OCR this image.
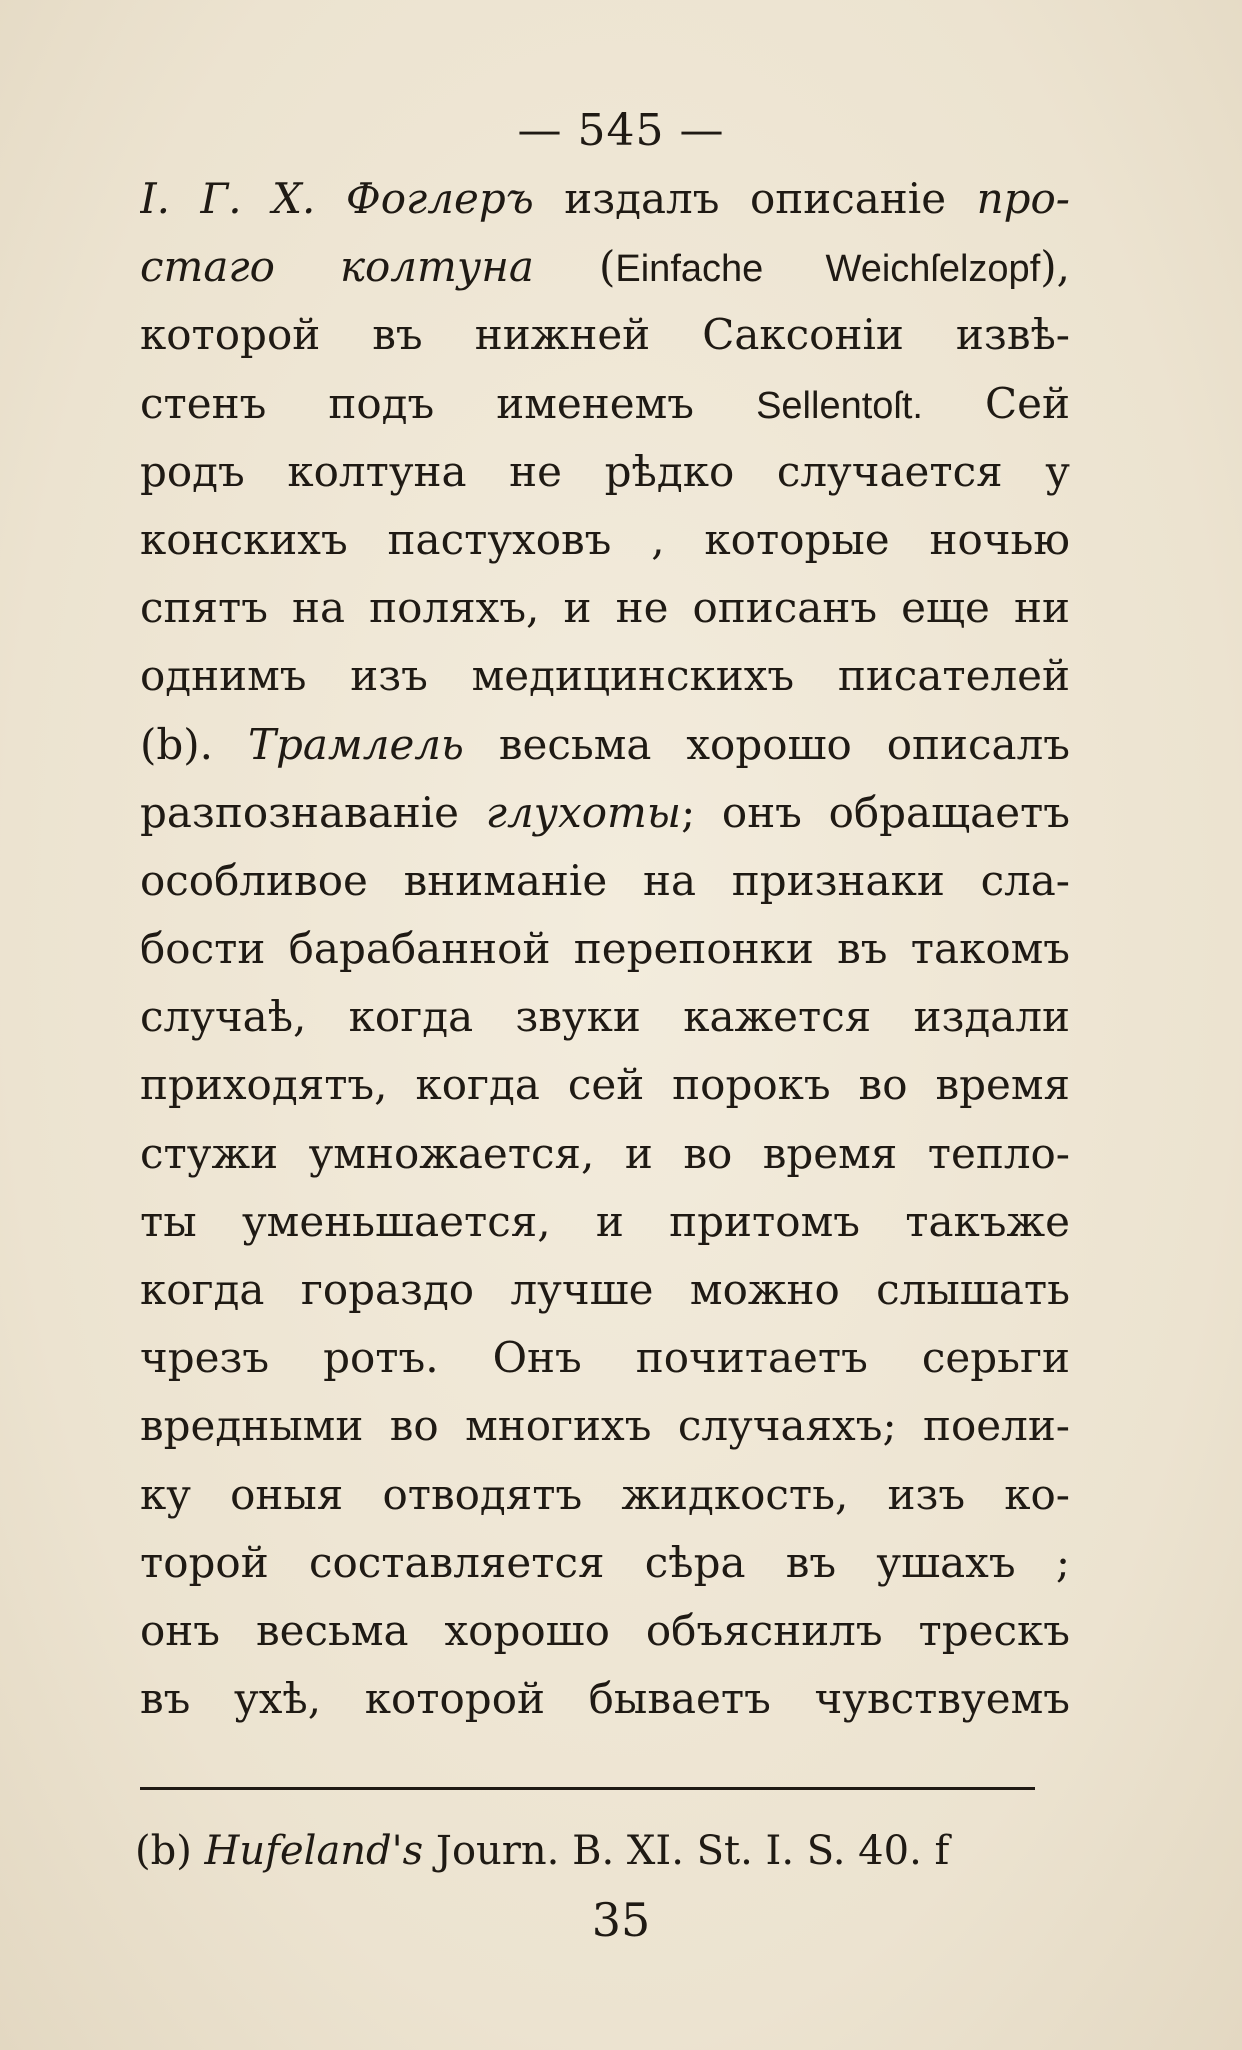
— 545 —
I. Г. Х. Фоглеръ издалъ описаніе про-
стаго колтуна (Einfache Weichſelzopf),
которой въ нижней Саксоніи извѣ-
стенъ подъ именемъ Sellentoſt. Сей
родъ колтуна не рѣдко случается у
конскихъ пастуховъ , которые ночью
спятъ на поляхъ, и не описанъ еще ни
однимъ изъ медицинскихъ писателей
(b). Трамлель весьма хорошо описалъ
разпознаваніе глухоты; онъ обращаетъ
особливое вниманіе на признаки сла-
бости барабанной перепонки въ такомъ
случаѣ, когда звуки кажется издали
приходятъ, когда сей порокъ во время
стужи умножается, и во время тепло-
ты уменьшается, и притомъ такъже
когда гораздо лучше можно слышать
чрезъ ротъ. Онъ почитаетъ серьги
вредными во многихъ случаяхъ; поели-
ку оныя отводятъ жидкость, изъ ко-
торой составляется сѣра въ ушахъ ;
онъ весьма хорошо объяснилъ трескъ
въ ухѣ, которой бываетъ чувствуемъ
(b) Hufeland's Journ. B. XI. St. I. S. 40. f
35
